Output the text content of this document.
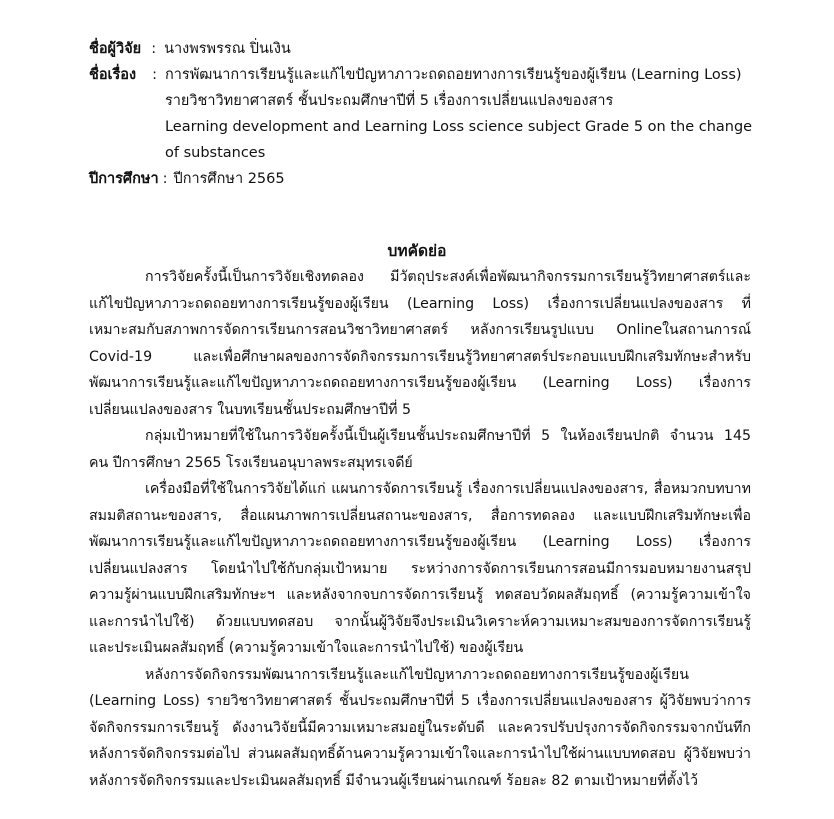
ชื่อผู้วิจัย : นางพรพรรณ ปิ่นเงิน
ชื่อเรื่อง	: การพัฒนาการเรียนรู้และแก้ไขปัญหาภาวะถดถอยทางการเรียนรู้ของผู้เรียน (Learning Loss)
รายวิชาวิทยาศาสตร์ ชั้นประถมศึกษาปีที่ 5 เรื่องการเปลี่ยนแปลงของสาร
Learning development and Learning Loss science subject Grade 5 on the change
of substances
ปีการศึกษา : ปีการศึกษา 2565
บทคัดย่อ
การวิจัยครั้งนี้เป็นการวิจัยเชิงทดลอง มีวัตถุประสงค์เพื่อพัฒนากิจกรรมการเรียนรู้วิทยาศาสตร์และ
แก้ไขปัญหาภาวะถดถอยทางการเรียนรู้ของผู้เรียน (Learning Loss) เรื่องการเปลี่ยนแปลงของสาร ที่
เหมาะสมกับสภาพการจัดการเรียนการสอนวิชาวิทยาศาสตร์ หลังการเรียนรูปแบบ Onlineในสถานการณ์
Covid-19 และเพื่อศึกษาผลของการจัดกิจกรรมการเรียนรู้วิทยาศาสตร์ประกอบแบบฝึกเสริมทักษะสำหรับ
พัฒนาการเรียนรู้และแก้ไขปัญหาภาวะถดถอยทางการเรียนรู้ของผู้เรียน (Learning Loss) เรื่องการ
เปลี่ยนแปลงของสาร ในบทเรียนชั้นประถมศึกษาปีที่ 5
กลุ่มเป้าหมายที่ใช้ในการวิจัยครั้งนี้เป็นผู้เรียนชั้นประถมศึกษาปีที่ 5 ในห้องเรียนปกติ จำนวน 145
คน ปีการศึกษา 2565 โรงเรียนอนุบาลพระสมุทรเจดีย์
เครื่องมือที่ใช้ในการวิจัยได้แก่ แผนการจัดการเรียนรู้ เรื่องการเปลี่ยนแปลงของสาร, สื่อหมวกบทบาท
สมมติสถานะของสาร, สื่อแผนภาพการเปลี่ยนสถานะของสาร, สื่อการทดลอง และแบบฝึกเสริมทักษะเพื่อ
พัฒนาการเรียนรู้และแก้ไขปัญหาภาวะถดถอยทางการเรียนรู้ของผู้เรียน (Learning Loss) เรื่องการ
เปลี่ยนแปลงสาร โดยนำไปใช้กับกลุ่มเป้าหมาย ระหว่างการจัดการเรียนการสอนมีการมอบหมายงานสรุป
ความรู้ผ่านแบบฝึกเสริมทักษะฯ และหลังจากจบการจัดการเรียนรู้ ทดสอบวัดผลสัมฤทธิ์ (ความรู้ความเข้าใจ
และการนำไปใช้) ด้วยแบบทดสอบ จากนั้นผู้วิจัยจึงประเมินวิเคราะห์ความเหมาะสมของการจัดการเรียนรู้
และประเมินผลสัมฤทธิ์ (ความรู้ความเข้าใจและการนำไปใช้) ของผู้เรียน
หลังการจัดกิจกรรมพัฒนาการเรียนรู้และแก้ไขปัญหาภาวะถดถอยทางการเรียนรู้ของผู้เรียน
(Learning Loss) รายวิชาวิทยาศาสตร์ ชั้นประถมศึกษาปีที่ 5 เรื่องการเปลี่ยนแปลงของสาร ผู้วิจัยพบว่าการ
จัดกิจกรรมการเรียนรู้ ดังงานวิจัยนี้มีความเหมาะสมอยู่ในระดับดี และควรปรับปรุงการจัดกิจกรรมจากบันทึก
หลังการจัดกิจกรรมต่อไป ส่วนผลสัมฤทธิ์ด้านความรู้ความเข้าใจและการนำไปใช้ผ่านแบบทดสอบ ผู้วิจัยพบว่า
หลังการจัดกิจกรรมและประเมินผลสัมฤทธิ์ มีจำนวนผู้เรียนผ่านเกณฑ์ ร้อยละ 82 ตามเป้าหมายที่ตั้งไว้
